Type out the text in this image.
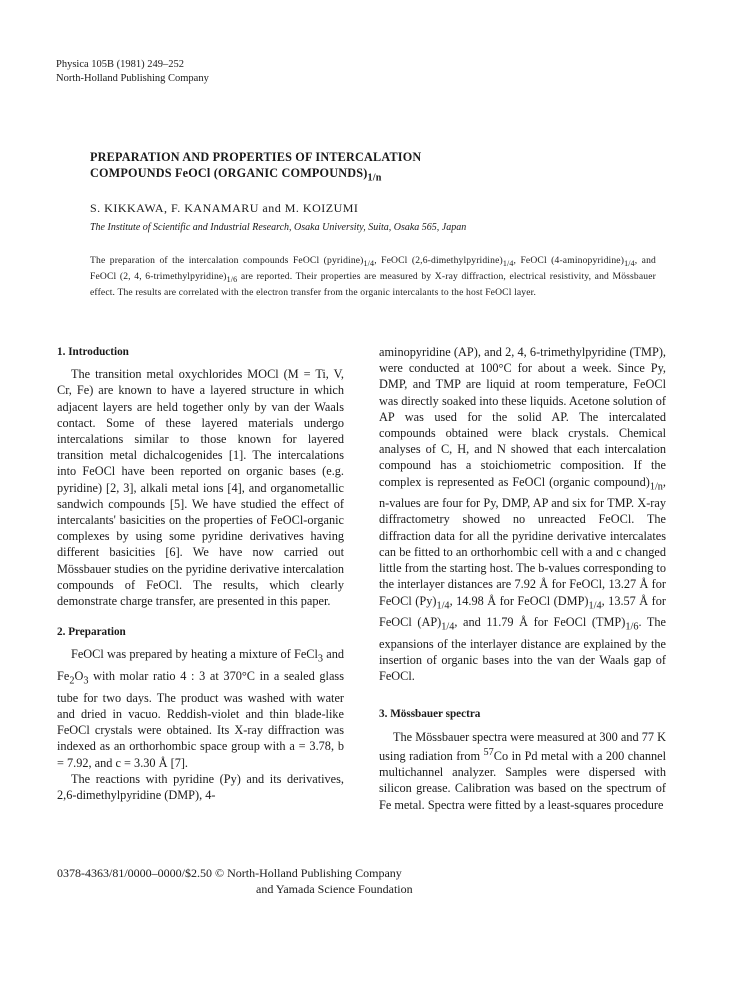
Physica 105B (1981) 249–252
North-Holland Publishing Company
PREPARATION AND PROPERTIES OF INTERCALATION
COMPOUNDS FeOCl (ORGANIC $COMPOUNDS)_{1/n}$
S. KIKKAWA, F. KANAMARU and M. KOIZUMI
The Institute of Scientific and Industrial Research, Osaka University, Suita, Osaka 565, Japan
The preparation of the intercalation compounds FeOCl $(pyridine)_{1/4}$, FeOCl $(2,6-dimethylpyridine)_{1/4}$, FeOCl $(4-aminopyridine)_{1/4}$, and FeOCl (2, 4, $6-trimethylpyridine)_{1/6}$ are reported. Their properties are measured by X-ray diffraction, electrical resistivity, and Mössbauer effect. The results are correlated with the electron transfer from the organic intercalants to the host FeOCl layer.
1. Introduction

The transition metal oxychlorides MOCl (M = Ti, V, Cr, Fe) are known to have a layered structure in which adjacent layers are held together only by van der Waals contact. Some of these layered materials undergo intercalations similar to those known for layered transition metal dichalcogenides [1]. The intercalations into FeOCl have been reported on organic bases (e.g. pyridine) [2, 3], alkali metal ions [4], and organometallic sandwich compounds [5]. We have studied the effect of intercalants' basicities on the properties of FeOCl-organic complexes by using some pyridine derivatives having different basicities [6]. We have now carried out Mössbauer studies on the pyridine derivative intercalation compounds of FeOCl. The results, which clearly demonstrate charge transfer, are presented in this paper.

2. Preparation

FeOCl was prepared by heating a mixture of FeCl$_3$ and $Fe_2O_3$ with molar ratio 4 : 3 at 370°C in a sealed glass tube for two days. The product was washed with water and dried in vacuo. Reddish-violet and thin blade-like FeOCl crystals were obtained. Its X-ray diffraction was indexed as an orthorhombic space group with a = 3.78, b = 7.92, and c = 3.30 Å [7].

The reactions with pyridine (Py) and its derivatives, 2,6-dimethylpyridine (DMP), 4-

aminopyridine (AP), and 2, 4, 6-trimethylpyridine (TMP), were conducted at 100°C for about a week. Since Py, DMP, and TMP are liquid at room temperature, FeOCl was directly soaked into these liquids. Acetone solution of AP was used for the solid AP. The intercalated compounds obtained were black crystals. Chemical analyses of C, H, and N showed that each intercalation compound has a stoichiometric composition. If the complex is represented as FeOCl (organic $compound)_{1/n}$, n-values are four for Py, DMP, AP and six for TMP. X-ray diffractometry showed no unreacted FeOCl. The diffraction data for all the pyridine derivative intercalates can be fitted to an orthorhombic cell with a and c changed little from the starting host. The b-values corresponding to the interlayer distances are 7.92 Å for FeOCl, 13.27 Å for FeOCl $(Py)_{1/4}$, 14.98 Å for FeOCl $(DMP)_{1/4}$, 13.57 Å for FeOCl $(AP)_{1/4}$, and 11.79 Å for FeOCl $(TMP)_{1/6}$. The expansions of the interlayer distance are explained by the insertion of organic bases into the van der Waals gap of FeOCl.

3. Mössbauer spectra

The Mössbauer spectra were measured at 300 and 77 K using radiation from $^{57}$Co in Pd metal with a 200 channel multichannel analyzer. Samples were dispersed with silicon grease. Calibration was based on the spectrum of Fe metal. Spectra were fitted by a least-squares procedure

0378-4363/81/0000–0000/$2.50 © North-Holland Publishing Company
and Yamada Science Foundation
